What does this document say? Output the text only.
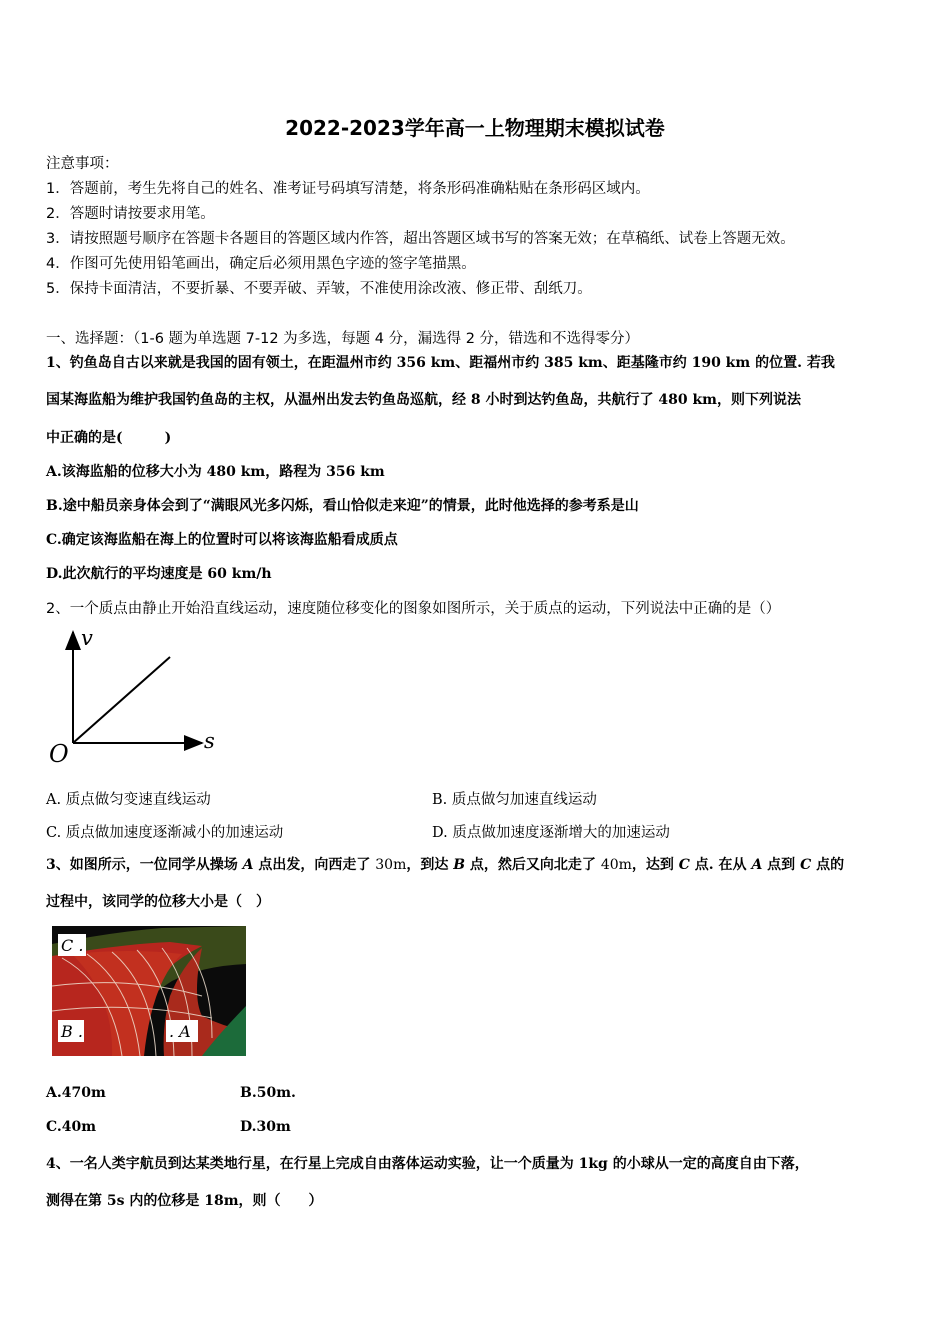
2022-2023学年高一上物理期末模拟试卷
注意事项：
1．答题前，考生先将自己的姓名、准考证号码填写清楚，将条形码准确粘贴在条形码区域内。
2．答题时请按要求用笔。
3．请按照题号顺序在答题卡各题目的答题区域内作答，超出答题区域书写的答案无效；在草稿纸、试卷上答题无效。
4．作图可先使用铅笔画出，确定后必须用黑色字迹的签字笔描黑。
5．保持卡面清洁，不要折暴、不要弄破、弄皱，不准使用涂改液、修正带、刮纸刀。
一、选择题：（1-6 题为单选题 7-12 为多选，每题 4 分，漏选得 2 分，错选和不选得零分）
1、钓鱼岛自古以来就是我国的固有领土，在距温州市约 356 km、距福州市约 385 km、距基隆市约 190 km 的位置. 若我
国某海监船为维护我国钓鱼岛的主权，从温州出发去钓鱼岛巡航，经 8 小时到达钓鱼岛，共航行了 480 km，则下列说法
中正确的是(　　　)
A.该海监船的位移大小为 480 km，路程为 356 km
B.途中船员亲身体会到了“满眼风光多闪烁，看山恰似走来迎”的情景，此时他选择的参考系是山
C.确定该海监船在海上的位置时可以将该海监船看成质点
D.此次航行的平均速度是 60 km/h
2、一个质点由静止开始沿直线运动，速度随位移变化的图象如图所示，关于质点的运动，下列说法中正确的是（）
v
s
O
A. 质点做匀变速直线运动	B. 质点做匀加速直线运动
C. 质点做加速度逐渐减小的加速运动	D. 质点做加速度逐渐增大的加速运动
3、如图所示，一位同学从操场 A 点出发，向西走了 30m，到达 B 点，然后又向北走了 40m，达到 C 点. 在从 A 点到 C 点的
过程中，该同学的位移大小是（　）
C .
B .	. A
A.470m	B.50m.
C.40m	D.30m
4、一名人类宇航员到达某类地行星，在行星上完成自由落体运动实验，让一个质量为 1kg 的小球从一定的高度自由下落，
测得在第 5s 内的位移是 18m，则（　　）
